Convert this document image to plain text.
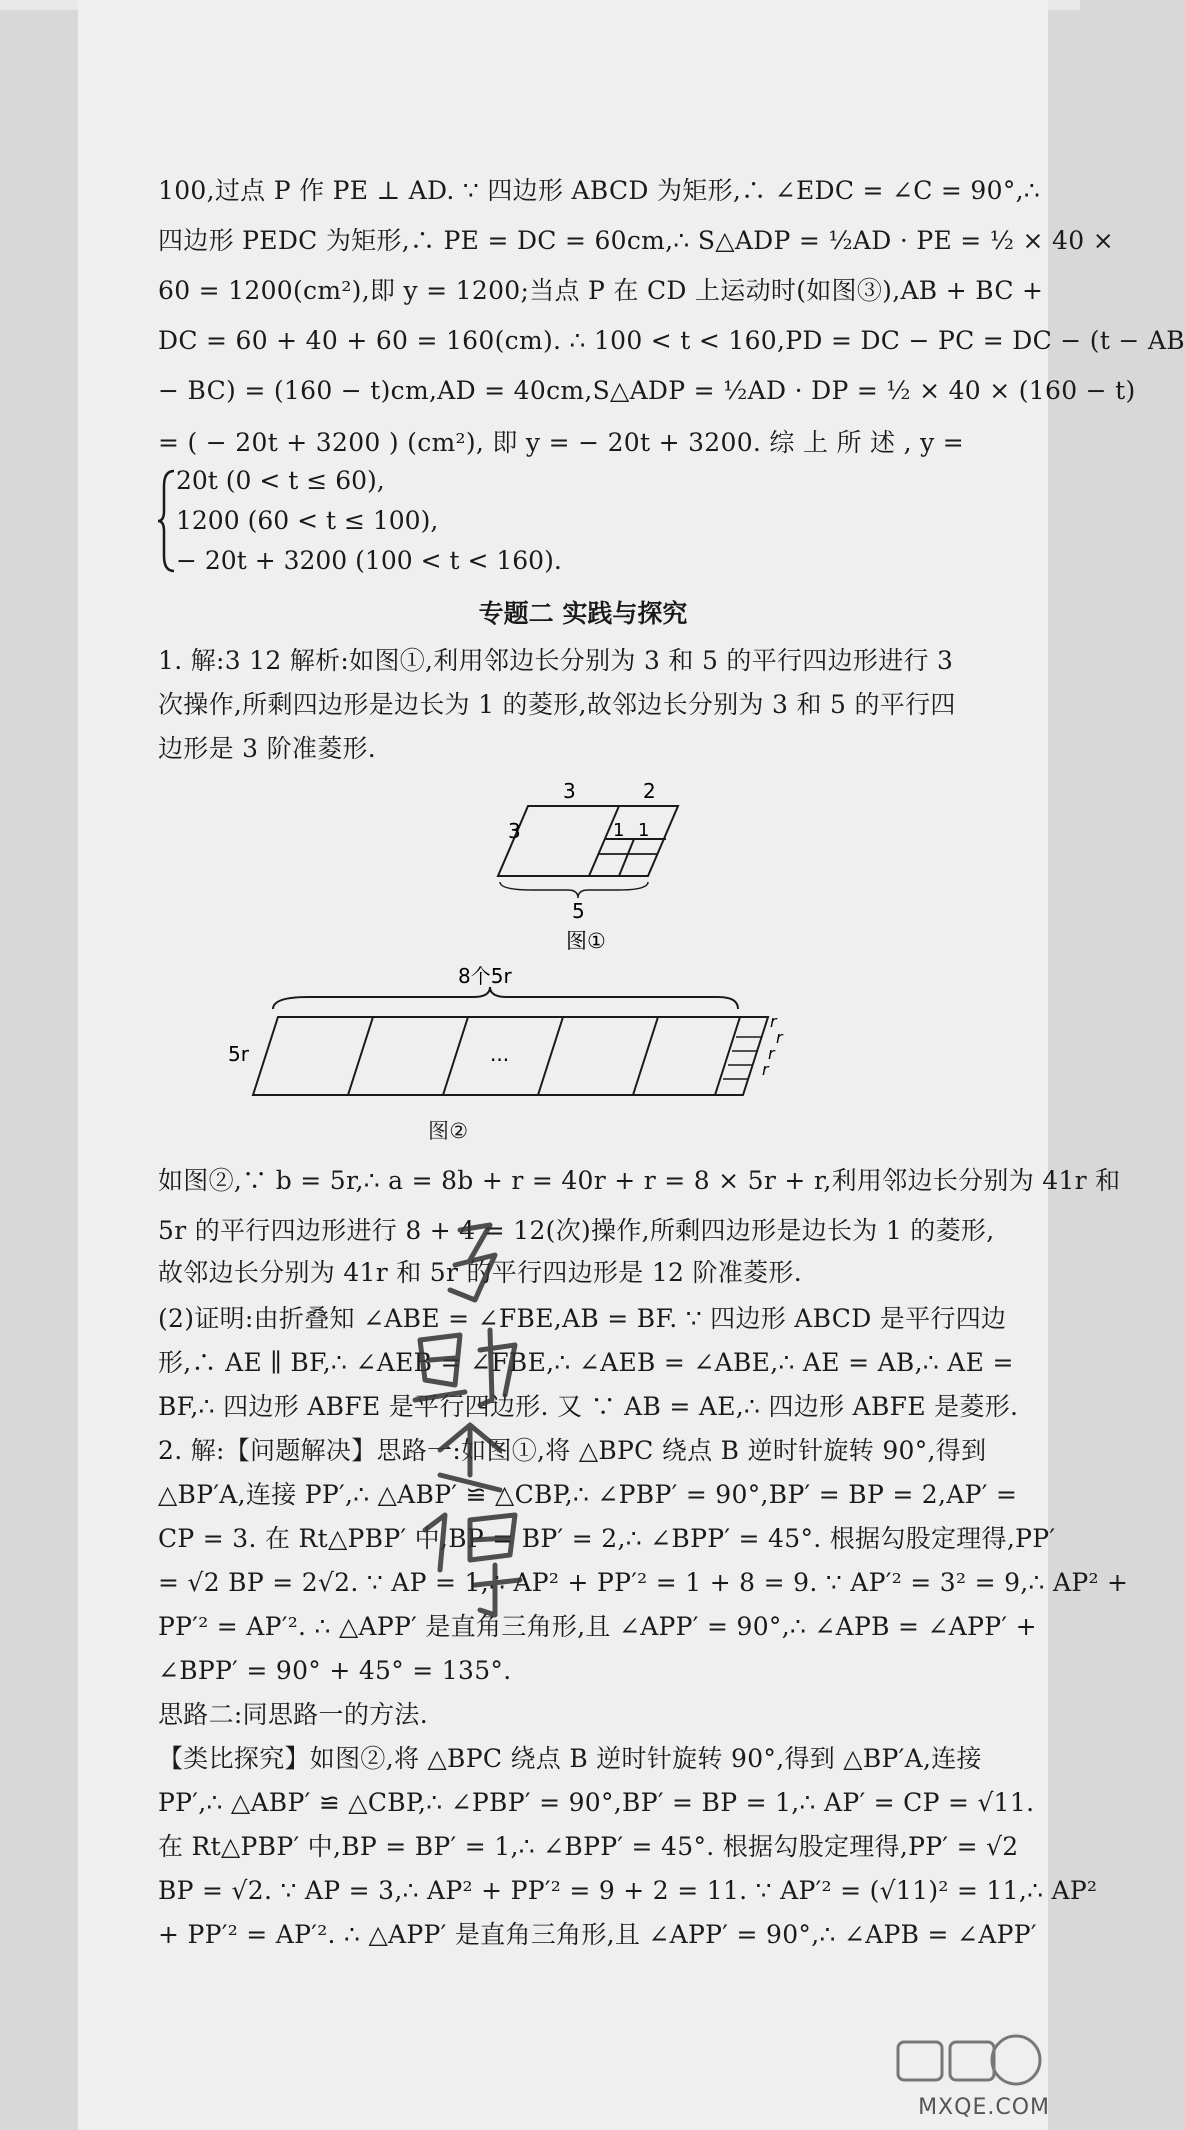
100,过点 P 作 PE ⊥ AD. ∵ 四边形 ABCD 为矩形,∴ ∠EDC = ∠C = 90°,∴
四边形 PEDC 为矩形,∴ PE = DC = 60cm,∴ S△ADP = ½AD · PE = ½ × 40 ×
60 = 1200(cm²),即 y = 1200;当点 P 在 CD 上运动时(如图③),AB + BC +
DC = 60 + 40 + 60 = 160(cm). ∴ 100 < t < 160,PD = DC − PC = DC − (t − AB
− BC) = (160 − t)cm,AD = 40cm,S△ADP = ½AD · DP = ½ × 40 × (160 − t)
= ( − 20t + 3200 ) (cm²), 即 y = − 20t + 3200. 综 上 所 述 , y =
20t (0 < t ≤ 60),
1200 (60 < t ≤ 100),
− 20t + 3200 (100 < t < 160).
专题二 实践与探究
1. 解:3 12 解析:如图①,利用邻边长分别为 3 和 5 的平行四边形进行 3
次操作,所剩四边形是边长为 1 的菱形,故邻边长分别为 3 和 5 的平行四
边形是 3 阶准菱形.
3	2
3	1 1
5
图①
8个5r
5r	...
r
r
r
r
图②
如图②,∵ b = 5r,∴ a = 8b + r = 40r + r = 8 × 5r + r,利用邻边长分别为 41r 和
5r 的平行四边形进行 8 + 4 = 12(次)操作,所剩四边形是边长为 1 的菱形,
故邻边长分别为 41r 和 5r 的平行四边形是 12 阶准菱形.
(2)证明:由折叠知 ∠ABE = ∠FBE,AB = BF. ∵ 四边形 ABCD 是平行四边
形,∴ AE ∥ BF,∴ ∠AEB = ∠FBE,∴ ∠AEB = ∠ABE,∴ AE = AB,∴ AE =
BF,∴ 四边形 ABFE 是平行四边形. 又 ∵ AB = AE,∴ 四边形 ABFE 是菱形.
2. 解:【问题解决】思路一:如图①,将 △BPC 绕点 B 逆时针旋转 90°,得到
△BP′A,连接 PP′,∴ △ABP′ ≌ △CBP,∴ ∠PBP′ = 90°,BP′ = BP = 2,AP′ =
CP = 3. 在 Rt△PBP′ 中,BP = BP′ = 2,∴ ∠BPP′ = 45°. 根据勾股定理得,PP′
= √2 BP = 2√2. ∵ AP = 1,∴ AP² + PP′² = 1 + 8 = 9. ∵ AP′² = 3² = 9,∴ AP² +
PP′² = AP′². ∴ △APP′ 是直角三角形,且 ∠APP′ = 90°,∴ ∠APB = ∠APP′ +
∠BPP′ = 90° + 45° = 135°.
思路二:同思路一的方法.
【类比探究】如图②,将 △BPC 绕点 B 逆时针旋转 90°,得到 △BP′A,连接
PP′,∴ △ABP′ ≌ △CBP,∴ ∠PBP′ = 90°,BP′ = BP = 1,∴ AP′ = CP = √11.
在 Rt△PBP′ 中,BP = BP′ = 1,∴ ∠BPP′ = 45°. 根据勾股定理得,PP′ = √2
BP = √2. ∵ AP = 3,∴ AP² + PP′² = 9 + 2 = 11. ∵ AP′² = (√11)² = 11,∴ AP²
+ PP′² = AP′². ∴ △APP′ 是直角三角形,且 ∠APP′ = 90°,∴ ∠APB = ∠APP′
MXQE.COM
